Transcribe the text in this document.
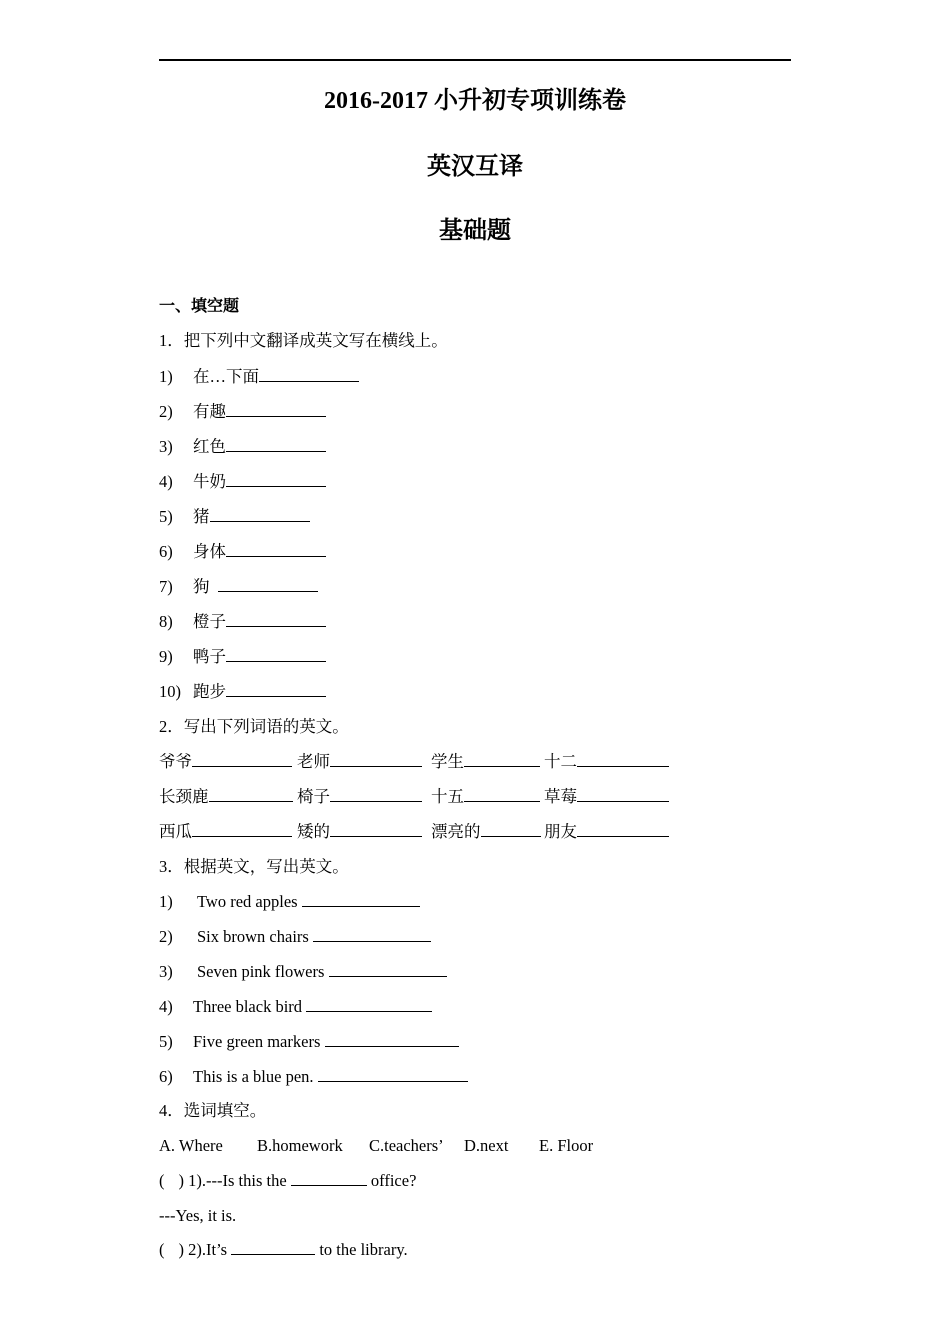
2016-2017 小升初专项训练卷
英汉互译
基础题
一、填空题
1．把下列中文翻译成英文写在横线上。
1) 在…下面
2) 有趣
3) 红色
4) 牛奶
5) 猪
6) 身体
7) 狗
8) 橙子
9) 鸭子
10) 跑步
2．写出下列词语的英文。
爷爷	老师	学生	十二
长颈鹿	椅子	十五	草莓
西瓜	矮的	漂亮的	朋友
3．根据英文，写出英文。
1) Two red apples
2) Six brown chairs
3) Seven pink flowers
4) Three black bird
5) Five green markers
6) This is a blue pen.
4．选词填空。
A. Where B.homework C.teachers’ D.next E. Floor
( ) 1).---Is this the	office?
---Yes, it is.
( ) 2).It’s	to the library.
